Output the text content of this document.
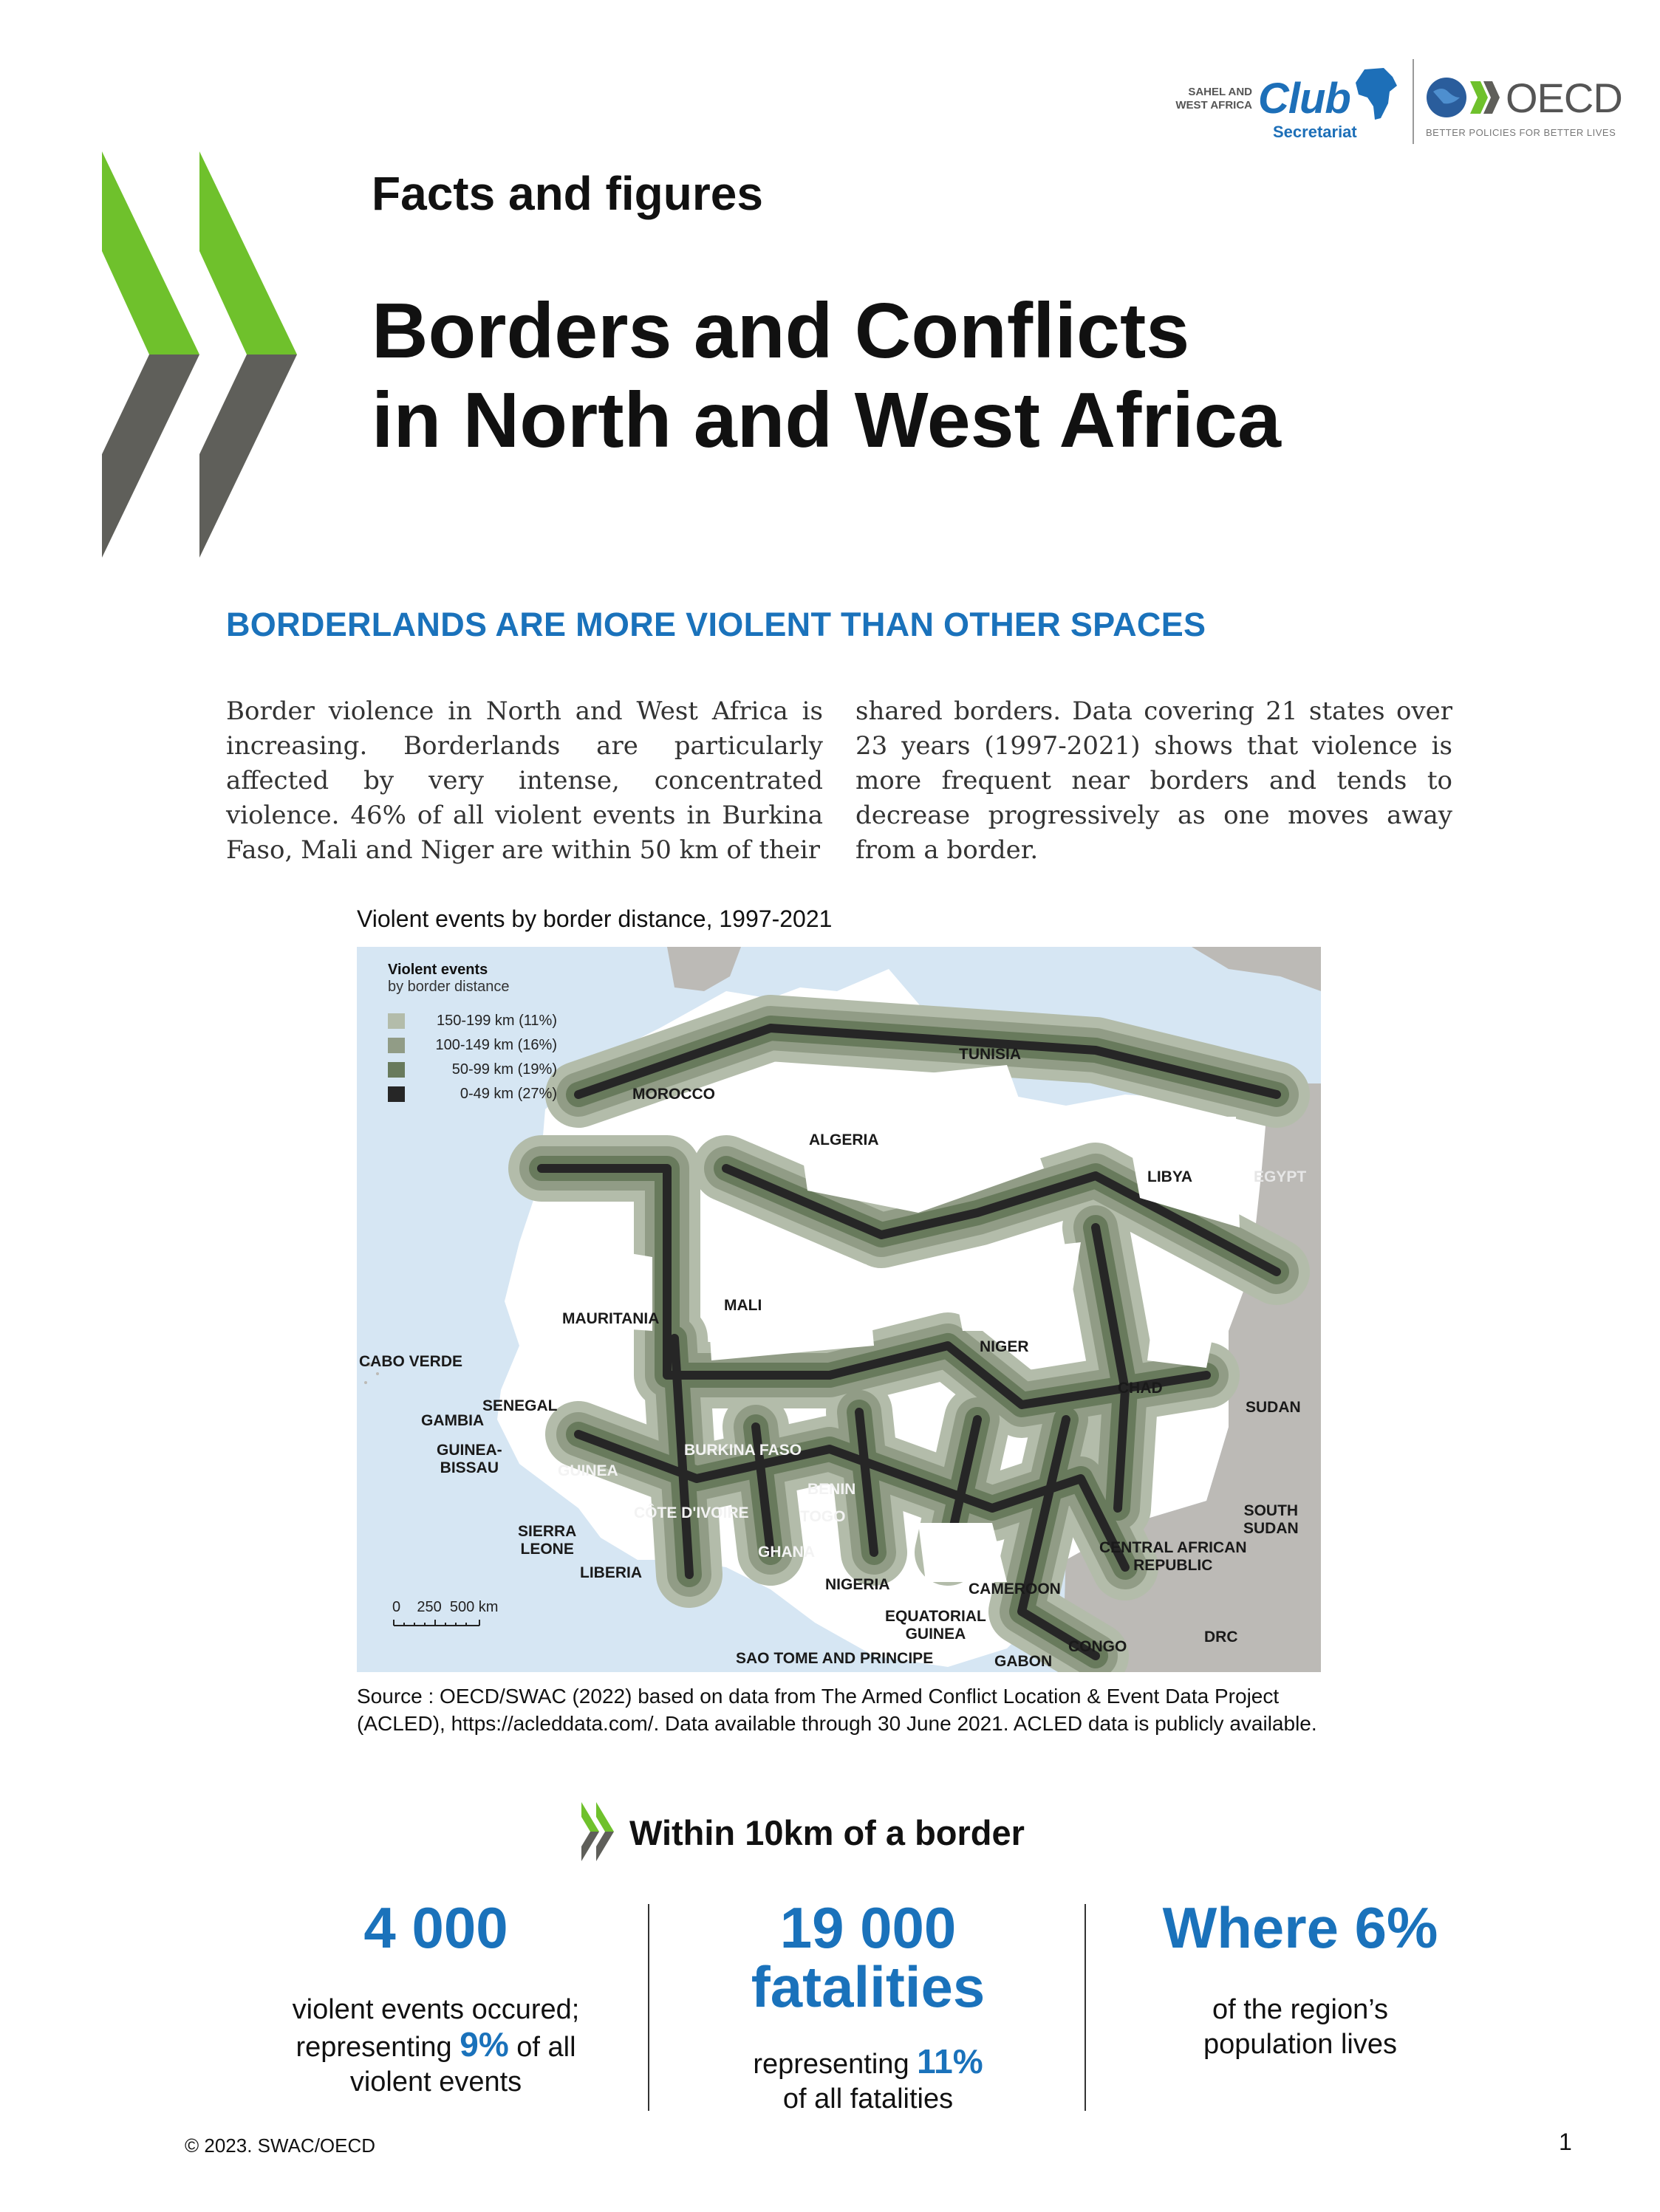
SAHEL AND
WEST AFRICA Club
Secretariat
OECD
BETTER POLICIES FOR BETTER LIVES
Facts and figures
Borders and Conflicts
in North and West Africa
BORDERLANDS ARE MORE VIOLENT THAN OTHER SPACES
Border violence in North and West Africa is increasing. Borderlands are particularly affected by very intense, concentrated violence. 46% of all violent events in Burkina Faso, Mali and Niger are within 50 km of their
shared borders. Data covering 21 states over 23 years (1997-2021) shows that violence is more frequent near borders and tends to decrease progressively as one moves away from a border.
Violent events by border distance, 1997-2021
Violent events
by border distance
150-199 km (11%)
100-149 km (16%)
50-99 km (19%)
0-49 km (27%)	MOROCCO
ALGERIA
TUNISIA
LIBYA	EGYPT
MAURITANIA
MALI
NIGER
CHAD
SUDAN
CABO VERDE
SENEGAL
GAMBIA
GUINEA-
BISSAU	GUINEA
BURKINA FASO
BENIN
TOGO
CÔTE D'IVOIRE
SIERRA
LEONE	GHANA
LIBERIA
NIGERIA	CAMEROON
SOUTH
SUDAN
CENTRAL AFRICAN
REPUBLIC
EQUATORIAL
GUINEA
SAO TOME AND PRINCIPE	GABON
CONGO
DRC
0    250  500 km
Source : OECD/SWAC (2022) based on data from The Armed Conflict Location & Event Data Project (ACLED), https://acleddata.com/. Data available through 30 June 2021. ACLED data is publicly available.
Within 10km of a border
4 000
violent events occured;
representing 9% of all
violent events
19 000
fatalities
representing 11%
of all fatalities
Where 6%
of the region’s
population lives
© 2023. SWAC/OECD	1
